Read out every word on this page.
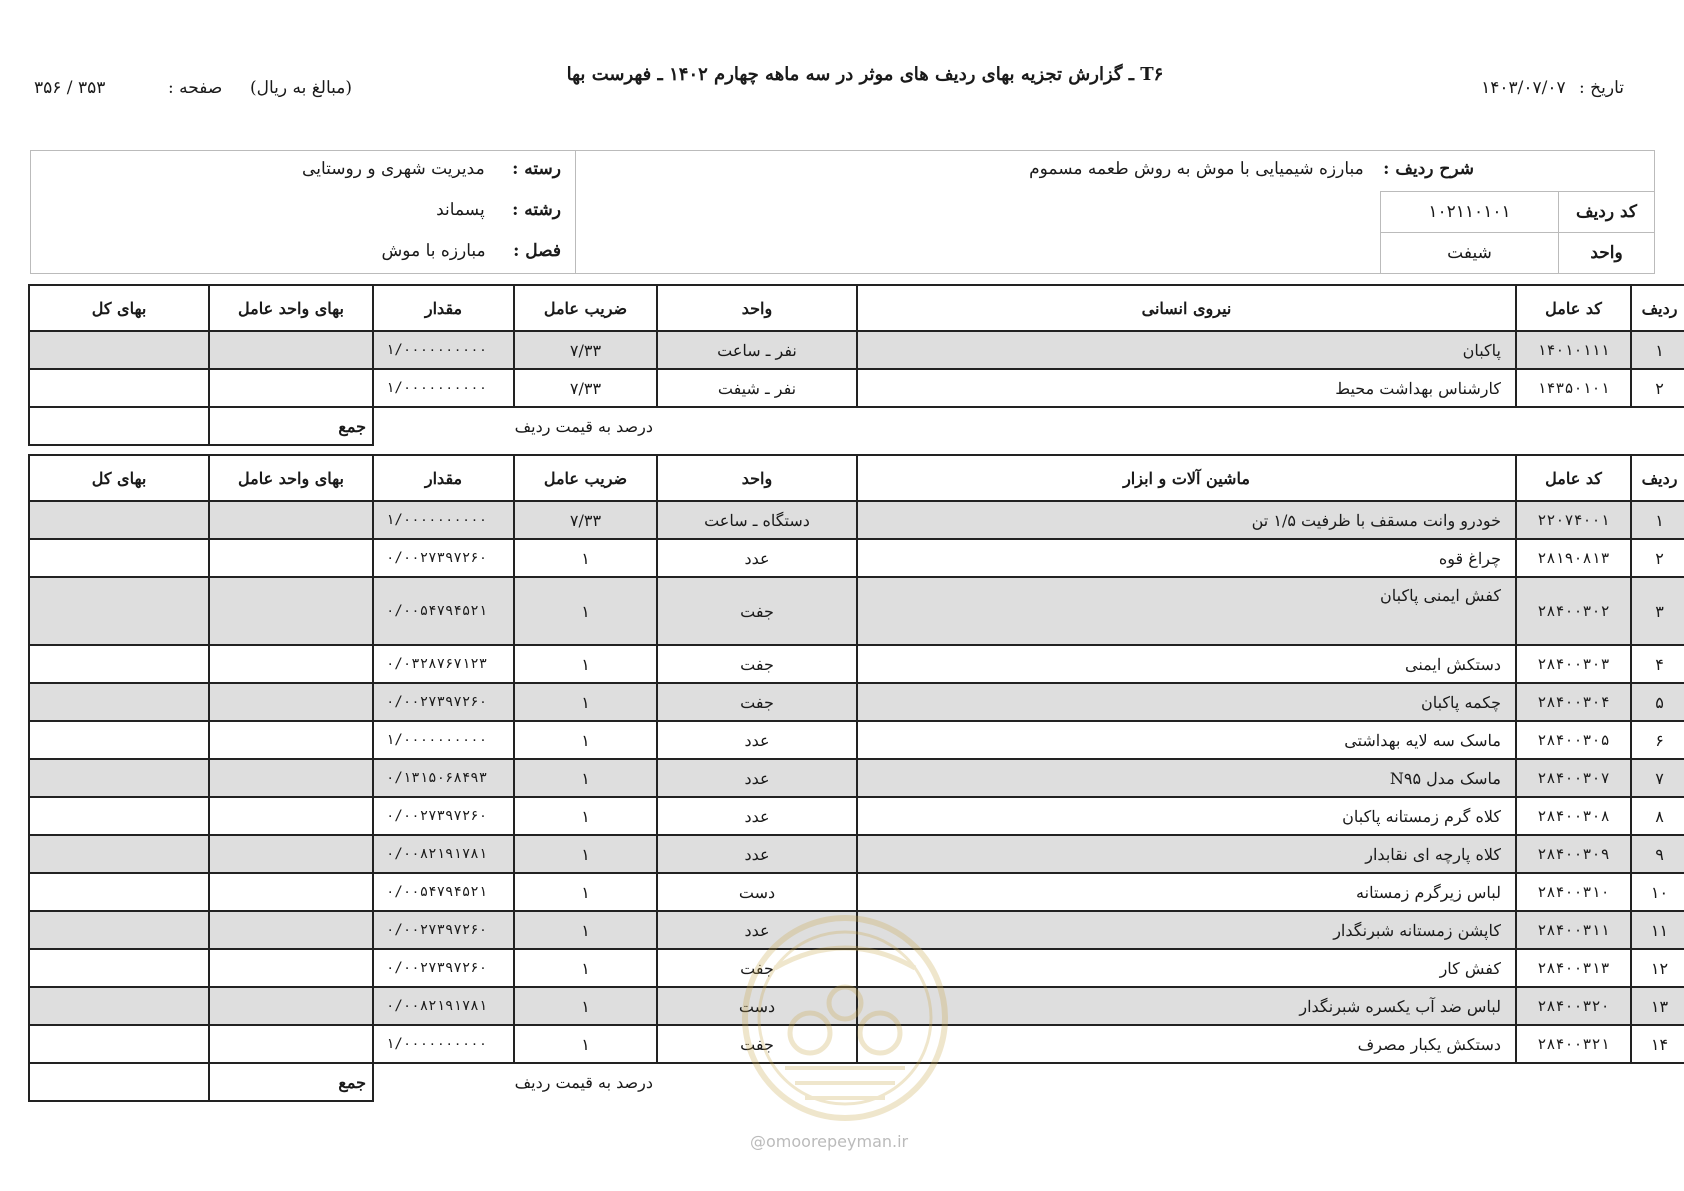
تاریخ : ۱۴۰۳/۰۷/۰۷
T۶ ـ گزارش تجزیه بهای ردیف های موثر در سه ماهه چهارم ۱۴۰۲ ـ فهرست بها
(مبالغ به ریال)
صفحه :
۳۵۳ / ۳۵۶
شرح ردیف : مبارزه شیمیایی با موش به روش طعمه مسموم
کد ردیف
۱۰۲۱۱۰۱۰۱
واحد
شیفت
رسته : مدیریت شهری و روستایی
رشته : پسماند
فصل : مبارزه با موش
ردیف	کد عامل	نیروی انسانی	واحد	ضریب عامل	مقدار	بهای واحد عامل	بهای کل
۱	۱۴۰۱۰۱۱۱	پاکبان	نفر ـ ساعت	۷/۳۳	۱/۰۰۰۰۰۰۰۰۰۰		
۲	۱۴۳۵۰۱۰۱	کارشناس بهداشت محیط	نفر ـ شیفت	۷/۳۳	۱/۰۰۰۰۰۰۰۰۰۰		
				درصد به قیمت ردیف		جمع	
ردیف	کد عامل	ماشین آلات و ابزار	واحد	ضریب عامل	مقدار	بهای واحد عامل	بهای کل
۱	۲۲۰۷۴۰۰۱	خودرو وانت مسقف با ظرفیت ۱/۵ تن	دستگاه ـ ساعت	۷/۳۳	۱/۰۰۰۰۰۰۰۰۰۰		
۲	۲۸۱۹۰۸۱۳	چراغ قوه	عدد	۱	۰/۰۰۲۷۳۹۷۲۶۰		
۳	۲۸۴۰۰۳۰۲	کفش ایمنی پاکبان	جفت	۱	۰/۰۰۵۴۷۹۴۵۲۱		
۴	۲۸۴۰۰۳۰۳	دستکش ایمنی	جفت	۱	۰/۰۳۲۸۷۶۷۱۲۳		
۵	۲۸۴۰۰۳۰۴	چکمه پاکبان	جفت	۱	۰/۰۰۲۷۳۹۷۲۶۰		
۶	۲۸۴۰۰۳۰۵	ماسک سه لایه بهداشتی	عدد	۱	۱/۰۰۰۰۰۰۰۰۰۰		
۷	۲۸۴۰۰۳۰۷	ماسک مدل N۹۵	عدد	۱	۰/۱۳۱۵۰۶۸۴۹۳		
۸	۲۸۴۰۰۳۰۸	کلاه گرم زمستانه پاکبان	عدد	۱	۰/۰۰۲۷۳۹۷۲۶۰		
۹	۲۸۴۰۰۳۰۹	کلاه پارچه ای نقابدار	عدد	۱	۰/۰۰۸۲۱۹۱۷۸۱		
۱۰	۲۸۴۰۰۳۱۰	لباس زیرگرم زمستانه	دست	۱	۰/۰۰۵۴۷۹۴۵۲۱		
۱۱	۲۸۴۰۰۳۱۱	کاپشن زمستانه شبرنگدار	عدد	۱	۰/۰۰۲۷۳۹۷۲۶۰		
۱۲	۲۸۴۰۰۳۱۳	کفش کار	جفت	۱	۰/۰۰۲۷۳۹۷۲۶۰		
۱۳	۲۸۴۰۰۳۲۰	لباس ضد آب یکسره شبرنگدار	دست	۱	۰/۰۰۸۲۱۹۱۷۸۱		
۱۴	۲۸۴۰۰۳۲۱	دستکش یکبار مصرف	جفت	۱	۱/۰۰۰۰۰۰۰۰۰۰		
				درصد به قیمت ردیف		جمع	
@omoorepeyman.ir
